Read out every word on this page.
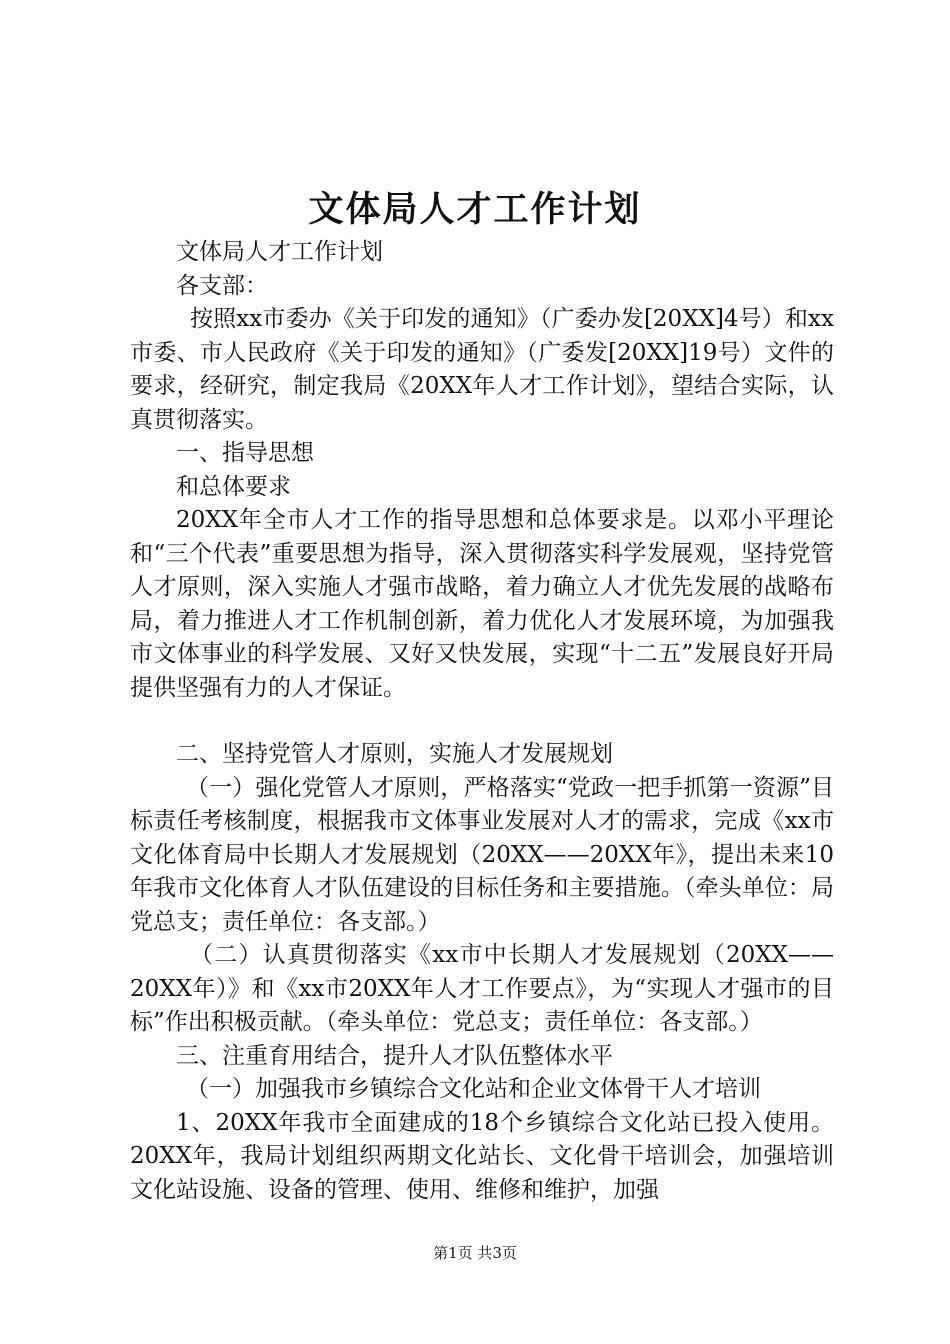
文体局人才工作计划

文体局人才工作计划

各支部：

按照xx市委办《关于印发的通知》（广委办发[20XX]4号）和xx市委、市人民政府《关于印发的通知》（广委发[20XX]19号）文件的要求，经研究，制定我局《20XX年人才工作计划》，望结合实际，认真贯彻落实。

一、指导思想

和总体要求

20XX年全市人才工作的指导思想和总体要求是。以邓小平理论和“三个代表”重要思想为指导，深入贯彻落实科学发展观，坚持党管人才原则，深入实施人才强市战略，着力确立人才优先发展的战略布局，着力推进人才工作机制创新，着力优化人才发展环境，为加强我市文体事业的科学发展、又好又快发展，实现“十二五”发展良好开局提供坚强有力的人才保证。

二、坚持党管人才原则，实施人才发展规划

（一）强化党管人才原则，严格落实“党政一把手抓第一资源”目标责任考核制度，根据我市文体事业发展对人才的需求，完成《xx市文化体育局中长期人才发展规划（20XX——20XX年》，提出未来10年我市文化体育人才队伍建设的目标任务和主要措施。（牵头单位：局党总支；责任单位：各支部。）

（二）认真贯彻落实《xx市中长期人才发展规划（20XX——20XX年）》和《xx市20XX年人才工作要点》，为“实现人才强市的目标”作出积极贡献。（牵头单位：党总支；责任单位：各支部。）

三、注重育用结合，提升人才队伍整体水平

（一）加强我市乡镇综合文化站和企业文体骨干人才培训

1、20XX年我市全面建成的18个乡镇综合文化站已投入使用。20XX年，我局计划组织两期文化站长、文化骨干培训会，加强培训文化站设施、设备的管理、使用、维修和维护，加强

第1页 共3页
